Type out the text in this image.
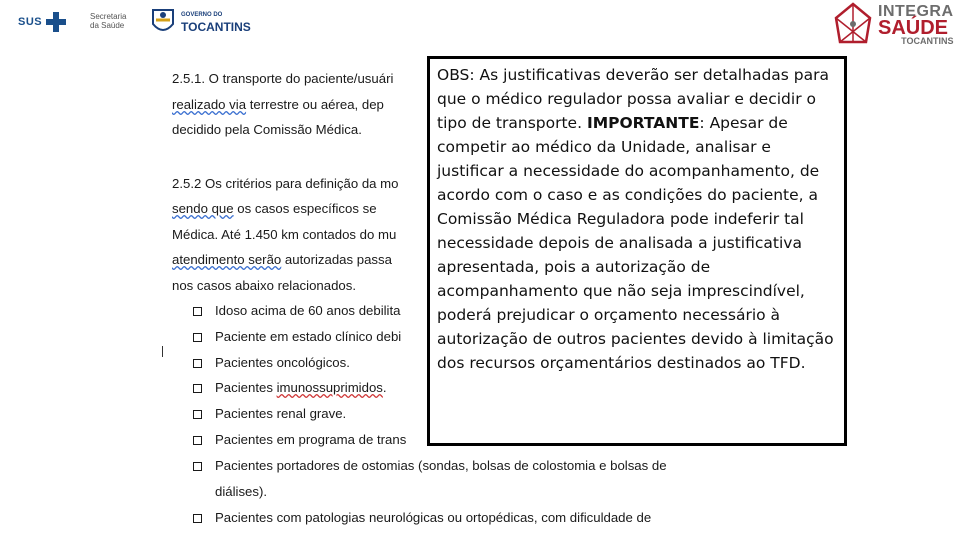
SUS	Secretaria
da Saúde
GOVERNO DO
TOCANTINS
INTEGRA
SAÚDE
TOCANTINS
2.5.1. O transporte do paciente/usuári
realizado via terrestre ou aérea, dep
decidido pela Comissão Médica.
2.5.2 Os critérios para definição da mo
sendo que os casos específicos se
Médica. Até 1.450 km contados do mu
atendimento serão autorizadas passa
nos casos abaixo relacionados.
Idoso acima de 60 anos debilita
Paciente em estado clínico debi
Pacientes oncológicos.
Pacientes imunossuprimidos.
Pacientes renal grave.
Pacientes em programa de trans
Pacientes portadores de ostomias (sondas, bolsas de colostomia e bolsas de
diálises).
Pacientes com patologias neurológicas ou ortopédicas, com dificuldade de
OBS: As justificativas deverão ser detalhadas para que o médico regulador possa avaliar e decidir o tipo de transporte. IMPORTANTE: Apesar de competir ao médico da Unidade, analisar e justificar a necessidade do acompanhamento, de acordo com o caso e as condições do paciente, a Comissão Médica Reguladora pode indeferir tal necessidade depois de analisada a justificativa apresentada, pois a autorização de acompanhamento que não seja imprescindível, poderá prejudicar o orçamento necessário à autorização de outros pacientes devido à limitação dos recursos orçamentários destinados ao TFD.
